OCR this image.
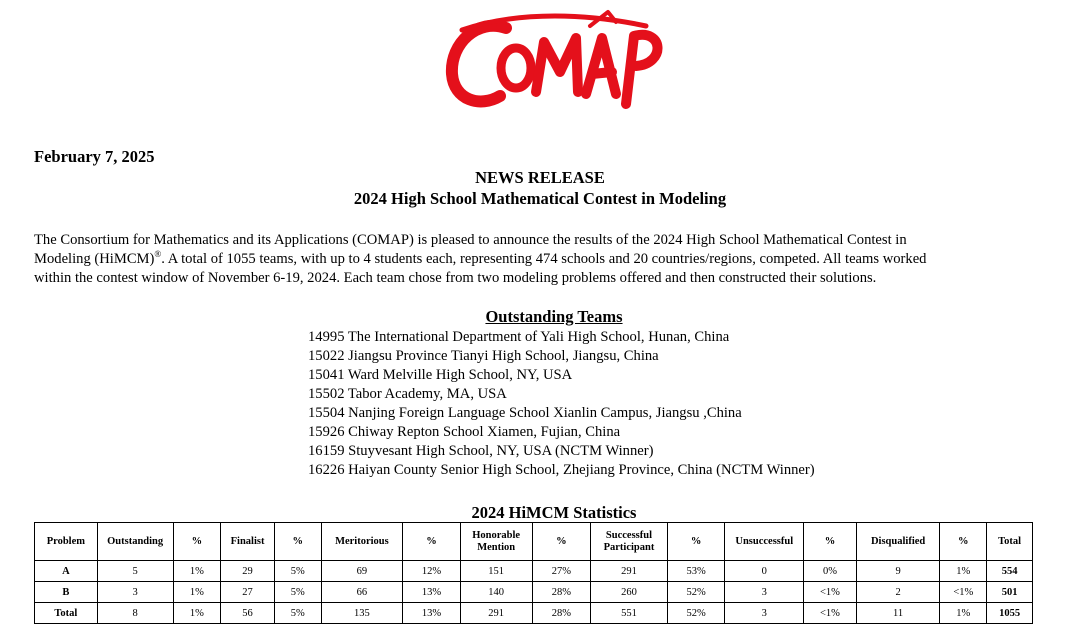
February 7, 2025
NEWS RELEASE
2024 High School Mathematical Contest in Modeling
The Consortium for Mathematics and its Applications (COMAP) is pleased to announce the results of the 2024 High School Mathematical Contest in
Modeling (HiMCM)®. A total of 1055 teams, with up to 4 students each, representing 474 schools and 20 countries/regions, competed. All teams worked
within the contest window of November 6-19, 2024. Each team chose from two modeling problems offered and then constructed their solutions.
Outstanding Teams
14995 The International Department of Yali High School, Hunan, China
15022 Jiangsu Province Tianyi High School, Jiangsu, China
15041 Ward Melville High School, NY, USA
15502 Tabor Academy, MA, USA
15504 Nanjing Foreign Language School Xianlin Campus, Jiangsu ,China
15926 Chiway Repton School Xiamen, Fujian, China
16159 Stuyvesant High School, NY, USA (NCTM Winner)
16226 Haiyan County Senior High School, Zhejiang Province, China (NCTM Winner)
2024 HiMCM Statistics
Problem	Outstanding	%	Finalist	%	Meritorious	%	Honorable Mention	%	Successful Participant	%	Unsuccessful	%	Disqualified	%	Total
A	5	1%	29	5%	69	12%	151	27%	291	53%	0	0%	9	1%	554
B	3	1%	27	5%	66	13%	140	28%	260	52%	3	<1%	2	<1%	501
Total	8	1%	56	5%	135	13%	291	28%	551	52%	3	<1%	11	1%	1055
